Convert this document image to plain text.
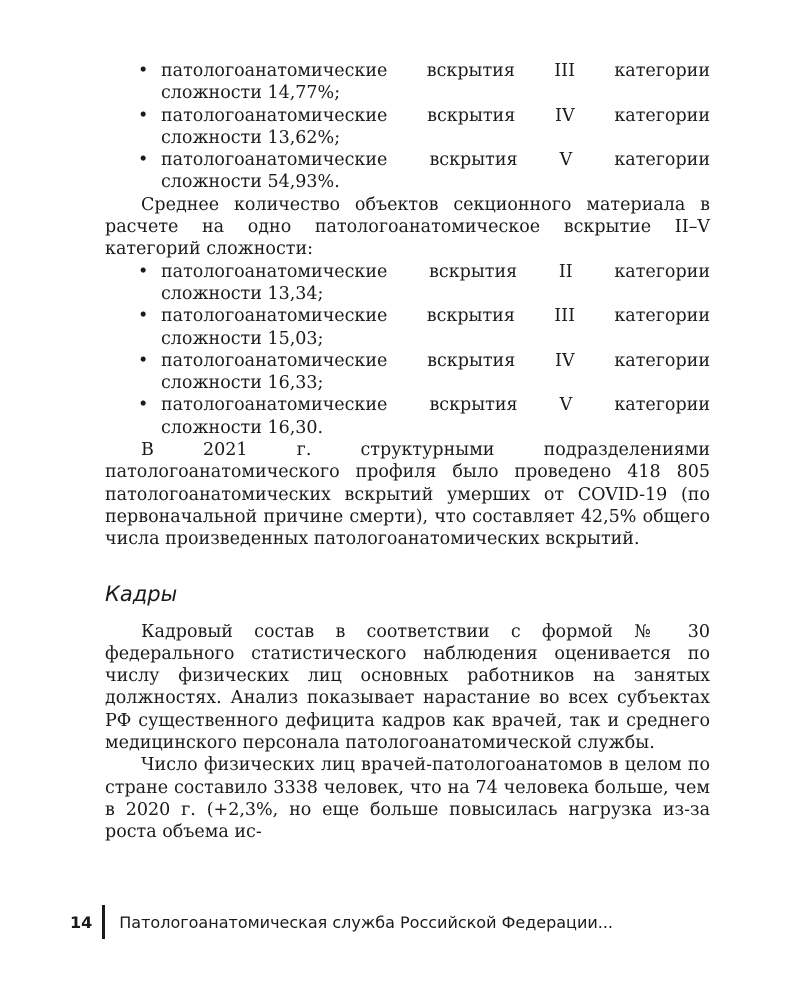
• патологоанатомические вскрытия III категории
сложности 14,77%;
• патологоанатомические вскрытия IV категории
сложности 13,62%;
• патологоанатомические вскрытия V категории
сложности 54,93%.

Среднее количество объектов секционного материала в расчете на одно патологоанатомическое вскрытие II–V категорий сложности:

• патологоанатомические вскрытия II категории
сложности 13,34;
• патологоанатомические вскрытия III категории
сложности 15,03;
• патологоанатомические вскрытия IV категории
сложности 16,33;
• патологоанатомические вскрытия V категории
сложности 16,30.

В 2021 г. структурными подразделениями патологоанатомического профиля было проведено 418 805 патологоанатомических вскрытий умерших от COVID-19 (по первоначальной причине смерти), что составляет 42,5% общего числа произведенных патологоанатомических вскрытий.

Кадры

Кадровый состав в соответствии с формой № 30 федерального статистического наблюдения оценивается по числу физических лиц основных работников на занятых должностях. Анализ показывает нарастание во всех субъектах РФ существенного дефицита кадров как врачей, так и среднего медицинского персонала патологоанатомической службы.

Число физических лиц врачей-патологоанатомов в целом по стране составило 3338 человек, что на 74 человека больше, чем в 2020 г. (+2,3%, но еще больше повысилась нагрузка из-за роста объема ис-

14 Патологоанатомическая служба Российской Федерации...
